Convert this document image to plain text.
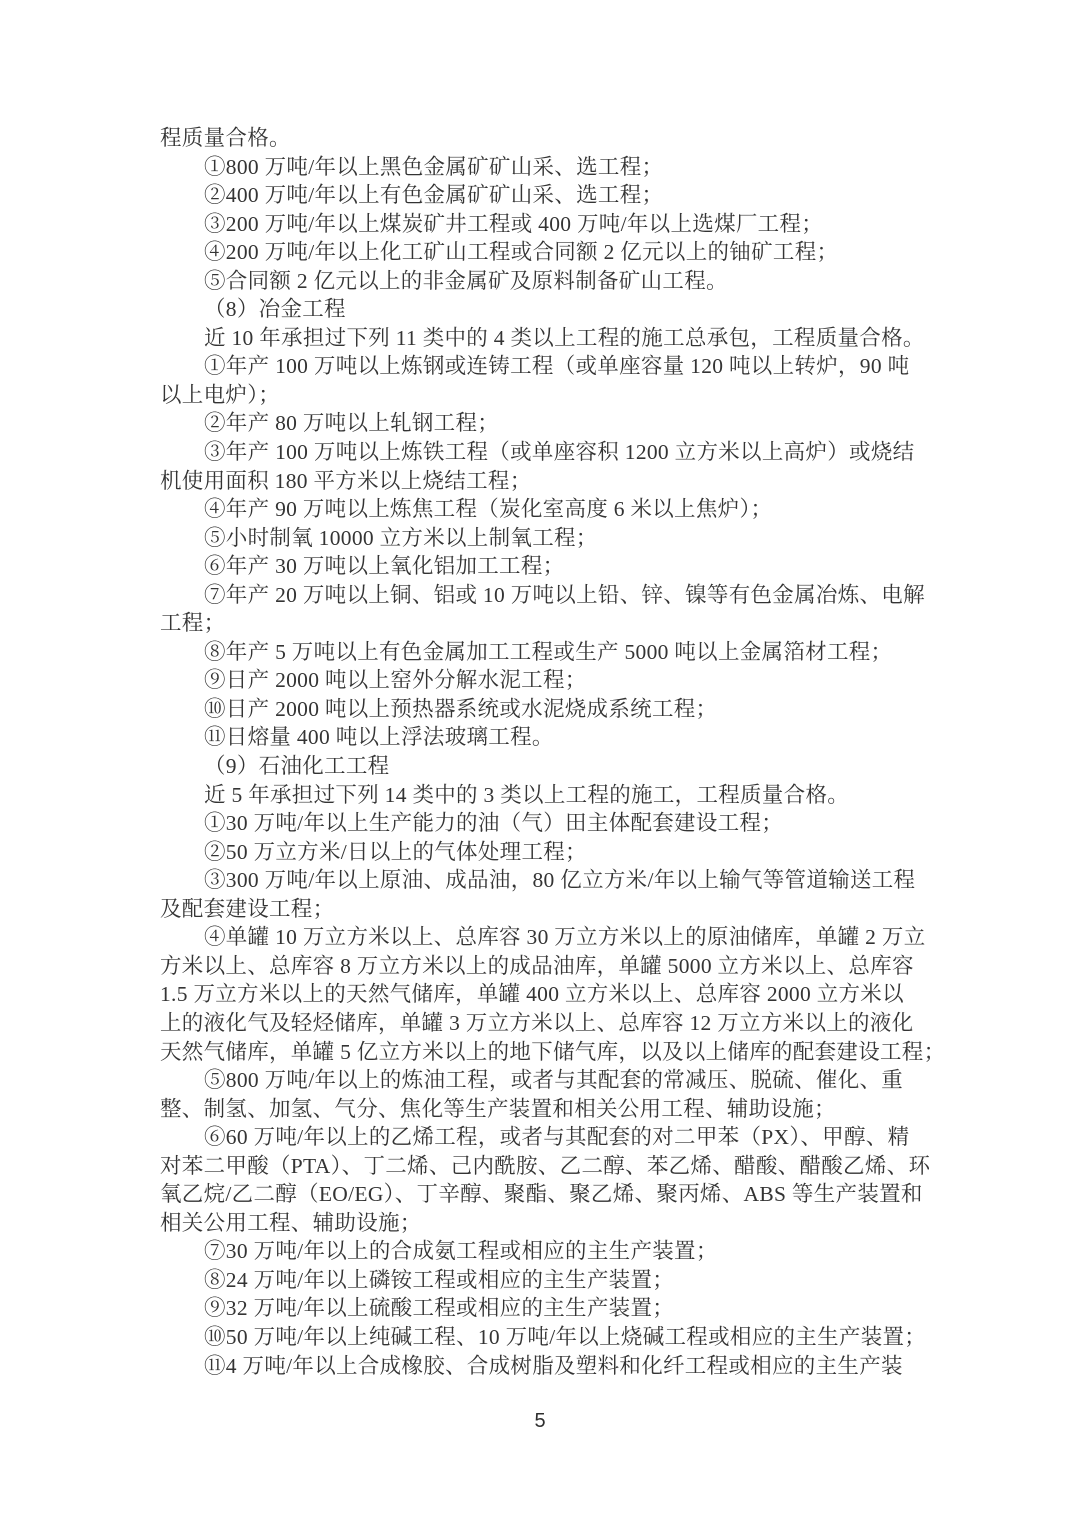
程质量合格。
①800 万吨/年以上黑色金属矿矿山采、选工程；
②400 万吨/年以上有色金属矿矿山采、选工程；
③200 万吨/年以上煤炭矿井工程或 400 万吨/年以上选煤厂工程；
④200 万吨/年以上化工矿山工程或合同额 2 亿元以上的铀矿工程；
⑤合同额 2 亿元以上的非金属矿及原料制备矿山工程。
（8）冶金工程
近 10 年承担过下列 11 类中的 4 类以上工程的施工总承包，工程质量合格。
①年产 100 万吨以上炼钢或连铸工程（或单座容量 120 吨以上转炉，90 吨
以上电炉）；
②年产 80 万吨以上轧钢工程；
③年产 100 万吨以上炼铁工程（或单座容积 1200 立方米以上高炉）或烧结
机使用面积 180 平方米以上烧结工程；
④年产 90 万吨以上炼焦工程（炭化室高度 6 米以上焦炉）；
⑤小时制氧 10000 立方米以上制氧工程；
⑥年产 30 万吨以上氧化铝加工工程；
⑦年产 20 万吨以上铜、铝或 10 万吨以上铅、锌、镍等有色金属冶炼、电解
工程；
⑧年产 5 万吨以上有色金属加工工程或生产 5000 吨以上金属箔材工程；
⑨日产 2000 吨以上窑外分解水泥工程；
⑩日产 2000 吨以上预热器系统或水泥烧成系统工程；
⑪日熔量 400 吨以上浮法玻璃工程。
（9）石油化工工程
近 5 年承担过下列 14 类中的 3 类以上工程的施工，工程质量合格。
①30 万吨/年以上生产能力的油（气）田主体配套建设工程；
②50 万立方米/日以上的气体处理工程；
③300 万吨/年以上原油、成品油，80 亿立方米/年以上输气等管道输送工程
及配套建设工程；
④单罐 10 万立方米以上、总库容 30 万立方米以上的原油储库，单罐 2 万立
方米以上、总库容 8 万立方米以上的成品油库，单罐 5000 立方米以上、总库容
1.5 万立方米以上的天然气储库，单罐 400 立方米以上、总库容 2000 立方米以
上的液化气及轻烃储库，单罐 3 万立方米以上、总库容 12 万立方米以上的液化
天然气储库，单罐 5 亿立方米以上的地下储气库，以及以上储库的配套建设工程；
⑤800 万吨/年以上的炼油工程，或者与其配套的常减压、脱硫、催化、重
整、制氢、加氢、气分、焦化等生产装置和相关公用工程、辅助设施；
⑥60 万吨/年以上的乙烯工程，或者与其配套的对二甲苯（PX）、甲醇、精
对苯二甲酸（PTA）、丁二烯、己内酰胺、乙二醇、苯乙烯、醋酸、醋酸乙烯、环
氧乙烷/乙二醇（EO/EG）、丁辛醇、聚酯、聚乙烯、聚丙烯、ABS 等生产装置和
相关公用工程、辅助设施；
⑦30 万吨/年以上的合成氨工程或相应的主生产装置；
⑧24 万吨/年以上磷铵工程或相应的主生产装置；
⑨32 万吨/年以上硫酸工程或相应的主生产装置；
⑩50 万吨/年以上纯碱工程、10 万吨/年以上烧碱工程或相应的主生产装置；
⑪4 万吨/年以上合成橡胶、合成树脂及塑料和化纤工程或相应的主生产装
5
